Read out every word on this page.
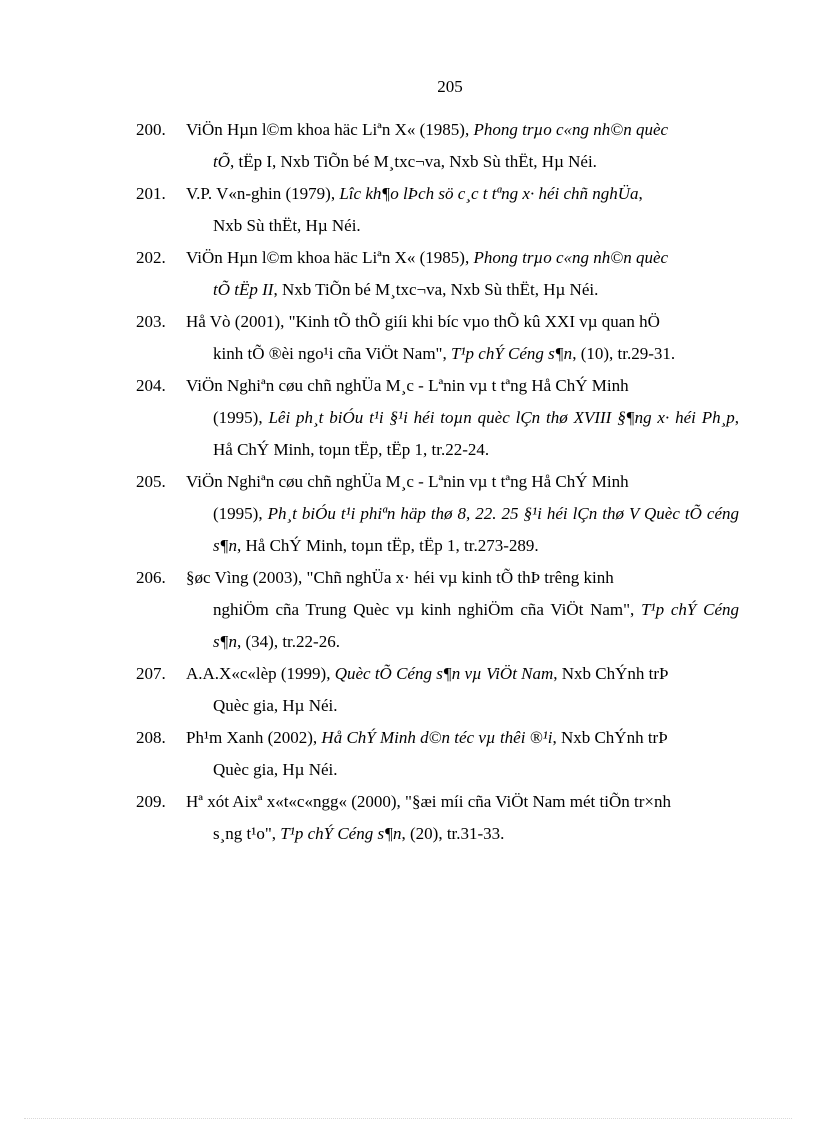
205
200.	ViÖn Hµn l©m khoa häc Liªn X« (1985), Phong trµo c«ng nh©n quèc
tÕ, tËp I, Nxb TiÕn bé M¸txc¬va, Nxb Sù thËt, Hµ Néi.
201.	V.P. V«n-ghin (1979), Lîc kh¶o lÞch sö c¸c t tªng x· héi chñ nghÜa,
Nxb Sù thËt, Hµ Néi.
202.	ViÖn Hµn l©m khoa häc Liªn X« (1985), Phong trµo c«ng nh©n quèc
tÕ tËp II, Nxb TiÕn bé M¸txc¬va, Nxb Sù thËt, Hµ Néi.
203.	Hå Vò (2001), "Kinh tÕ thÕ giíi khi bíc vµo thÕ kû XXI vµ quan hÖ
kinh tÕ ®èi ngo¹i cña ViÖt Nam", T¹p chÝ Céng s¶n, (10), tr.29-31.
204.	ViÖn Nghiªn cøu chñ nghÜa M¸c - Lªnin vµ t tªng Hå ChÝ Minh
(1995), Lêi ph¸t biÓu t¹i §¹i héi toµn quèc lÇn thø XVIII §¶ng x· héi Ph¸p, Hå ChÝ Minh, toµn tËp, tËp 1, tr.22-24.
205.	ViÖn Nghiªn cøu chñ nghÜa M¸c - Lªnin vµ t tªng Hå ChÝ Minh
(1995), Ph¸t biÓu t¹i phiªn häp thø 8, 22. 25 §¹i héi lÇn thø V Quèc tÕ céng s¶n, Hå ChÝ Minh, toµn tËp, tËp 1, tr.273-289.
206.	§øc Vìng (2003), "Chñ nghÜa x· héi vµ kinh tÕ thÞ trêng kinh
nghiÖm cña Trung Quèc vµ kinh nghiÖm cña ViÖt Nam", T¹p chÝ Céng s¶n, (34), tr.22-26.
207.	A.A.X«c«lèp (1999), Quèc tÕ Céng s¶n vµ ViÖt Nam, Nxb ChÝnh trÞ
Quèc gia, Hµ Néi.
208.	Ph¹m Xanh (2002), Hå ChÝ Minh d©n téc vµ thêi ®¹i, Nxb ChÝnh trÞ
Quèc gia, Hµ Néi.
209.	Hª xót Aixª x«t«c«ngg« (2000), "§æi míi cña ViÖt Nam mét tiÕn tr×nh
s¸ng t¹o", T¹p chÝ Céng s¶n, (20), tr.31-33.
